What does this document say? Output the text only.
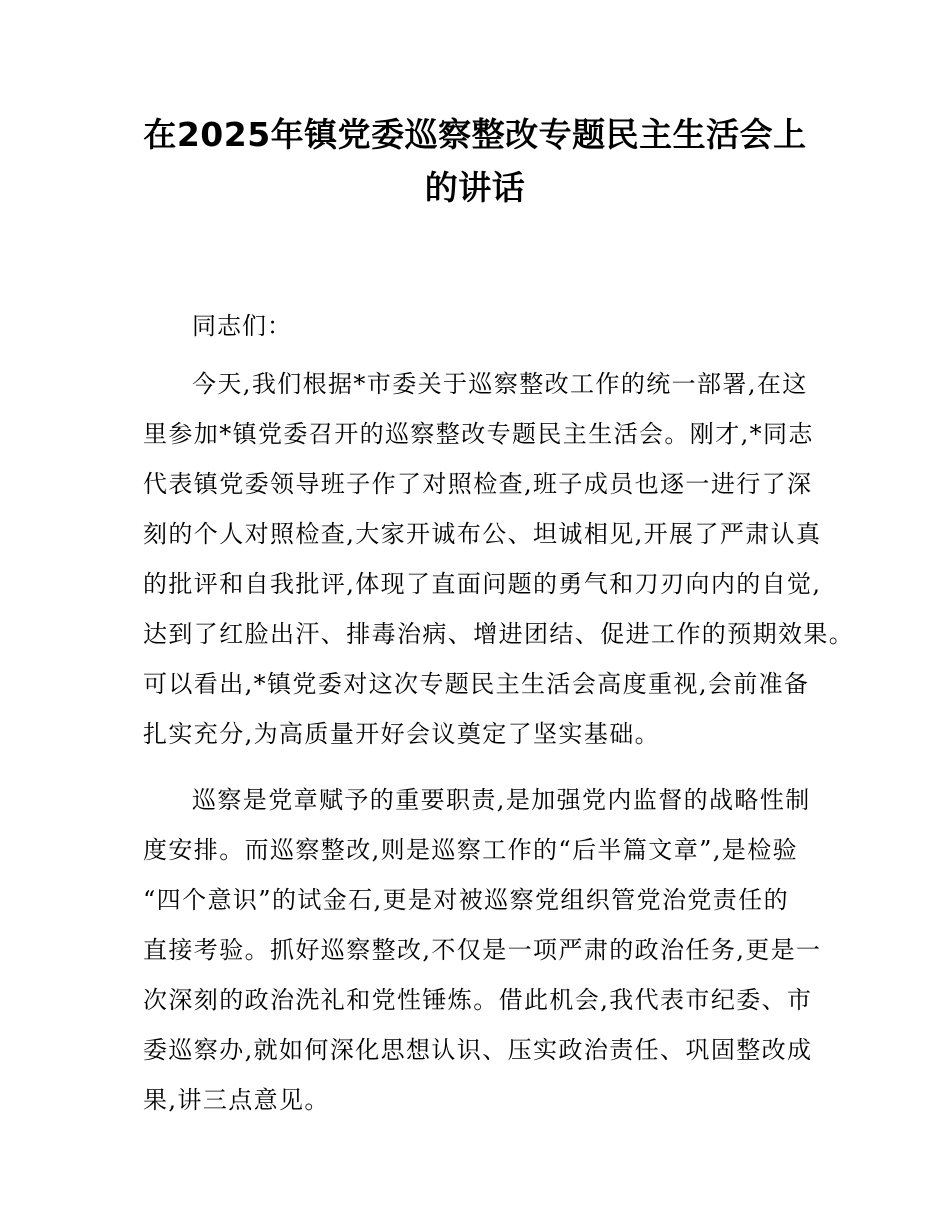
在2025年镇党委巡察整改专题民主生活会上
的讲话
同志们：
今天,我们根据*市委关于巡察整改工作的统一部署,在这
里参加*镇党委召开的巡察整改专题民主生活会。刚才,*同志
代表镇党委领导班子作了对照检查,班子成员也逐一进行了深
刻的个人对照检查,大家开诚布公、坦诚相见,开展了严肃认真
的批评和自我批评,体现了直面问题的勇气和刀刃向内的自觉,
达到了红脸出汗、排毒治病、增进团结、促进工作的预期效果。
可以看出,*镇党委对这次专题民主生活会高度重视,会前准备
扎实充分,为高质量开好会议奠定了坚实基础。
巡察是党章赋予的重要职责,是加强党内监督的战略性制
度安排。而巡察整改,则是巡察工作的“后半篇文章”,是检验
“四个意识”的试金石,更是对被巡察党组织管党治党责任的
直接考验。抓好巡察整改,不仅是一项严肃的政治任务,更是一
次深刻的政治洗礼和党性锤炼。借此机会,我代表市纪委、市
委巡察办,就如何深化思想认识、压实政治责任、巩固整改成
果,讲三点意见。
